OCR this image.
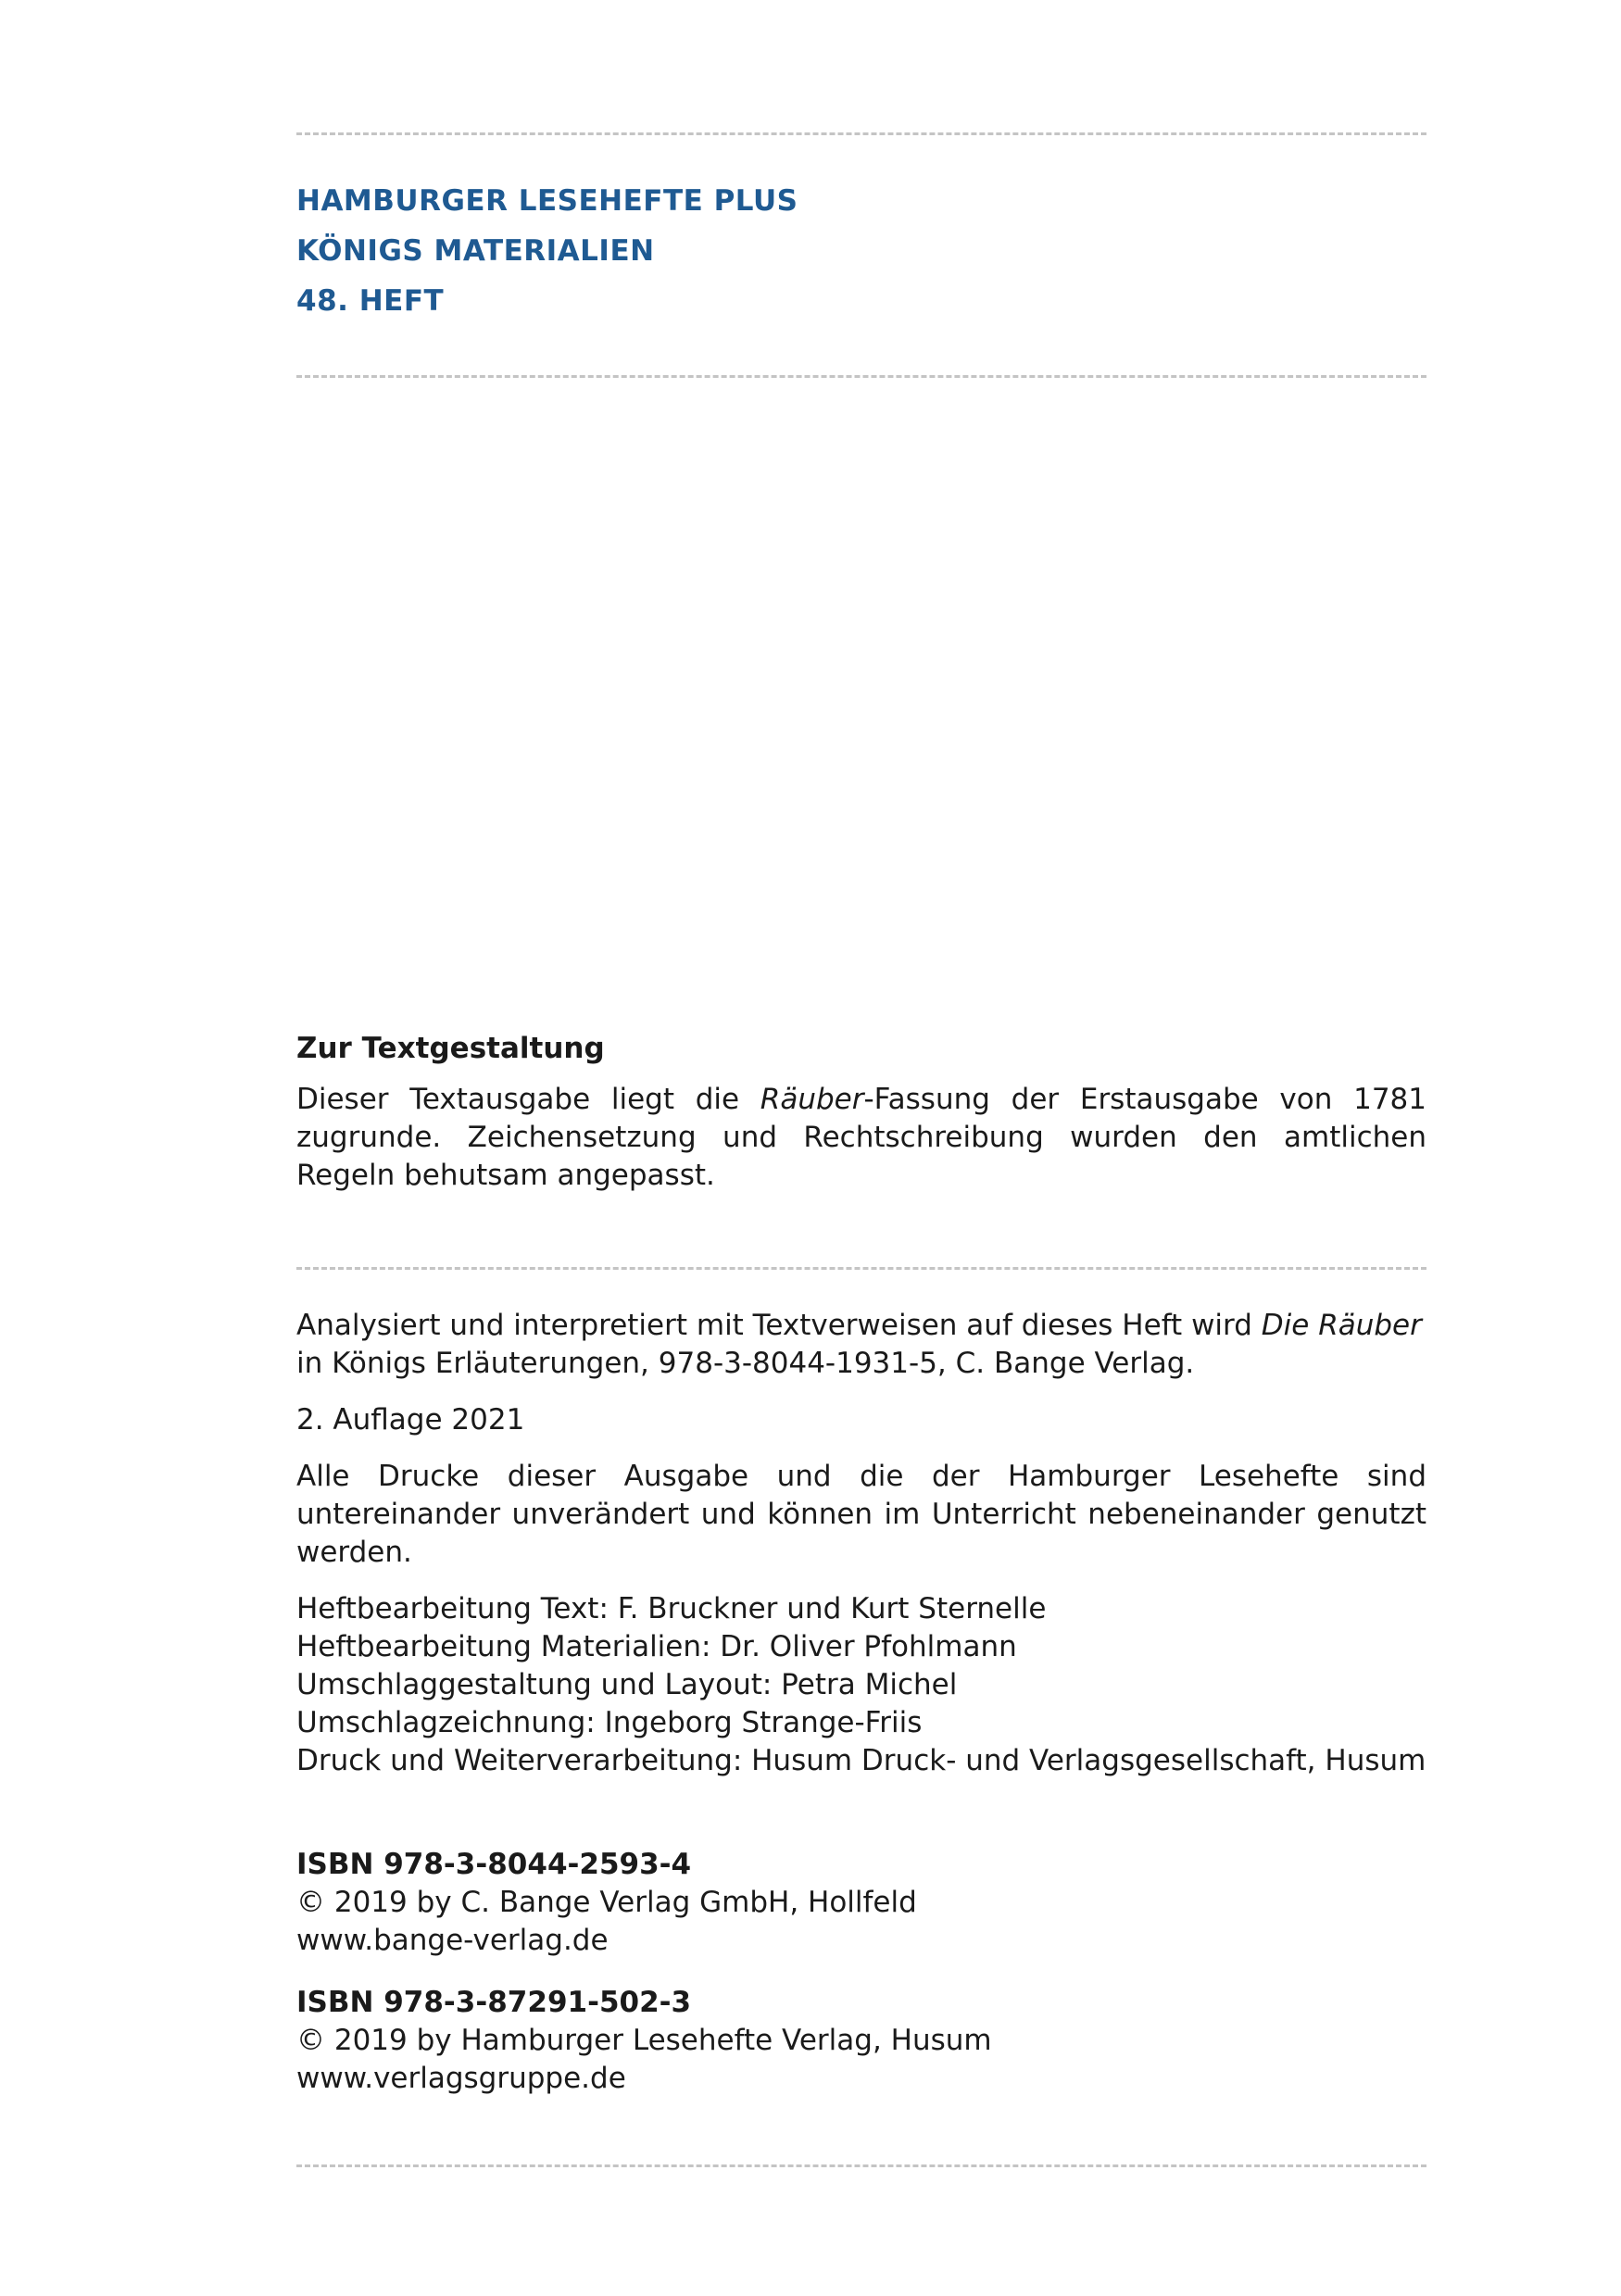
HAMBURGER LESEHEFTE PLUS
KÖNIGS MATERIALIEN
48. HEFT
Zur Textgestaltung

Dieser Textausgabe liegt die Räuber-Fassung der Erstausgabe von 1781 zugrunde. Zeichensetzung und Rechtschreibung wurden den amtlichen Regeln behutsam angepasst.

Analysiert und interpretiert mit Textverweisen auf dieses Heft wird Die Räuber
in Königs Erläuterungen, 978-3-8044-1931-5, C. Bange Verlag.
2. Auflage 2021

Alle Drucke dieser Ausgabe und die der Hamburger Lesehefte sind untereinander unverändert und können im Unterricht nebeneinander genutzt werden.

Heftbearbeitung Text: F. Bruckner und Kurt Sternelle
Heftbearbeitung Materialien: Dr. Oliver Pfohlmann
Umschlaggestaltung und Layout: Petra Michel
Umschlagzeichnung: Ingeborg Strange-Friis
Druck und Weiterverarbeitung: Husum Druck- und Verlagsgesellschaft, Husum
ISBN 978-3-8044-2593-4
© 2019 by C. Bange Verlag GmbH, Hollfeld
www.bange-verlag.de
ISBN 978-3-87291-502-3
© 2019 by Hamburger Lesehefte Verlag, Husum
www.verlagsgruppe.de
